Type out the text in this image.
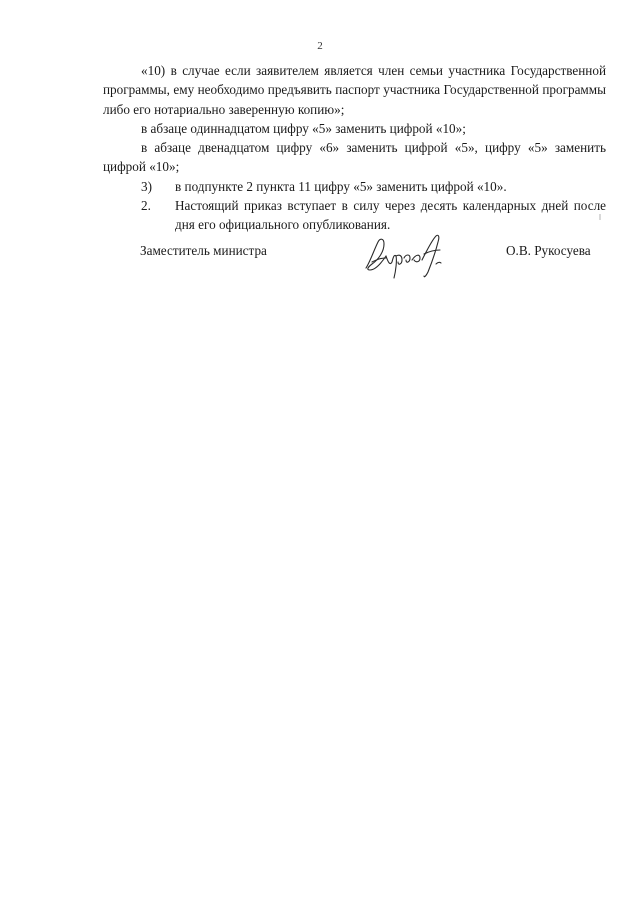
2

«10) в случае если заявителем является член семьи участника Государственной программы, ему необходимо предъявить паспорт участника Государственной программы либо его нотариально заверенную копию»;

в абзаце одиннадцатом цифру «5» заменить цифрой «10»;

в абзаце двенадцатом цифру «6» заменить цифрой «5», цифру «5» заменить цифрой «10»;

3)	в подпункте 2 пункта 11 цифру «5» заменить цифрой «10».
2.	Настоящий приказ вступает в силу через десять календарных дней после дня его официального опубликования.
Заместитель министра	О.В. Рукосуева
